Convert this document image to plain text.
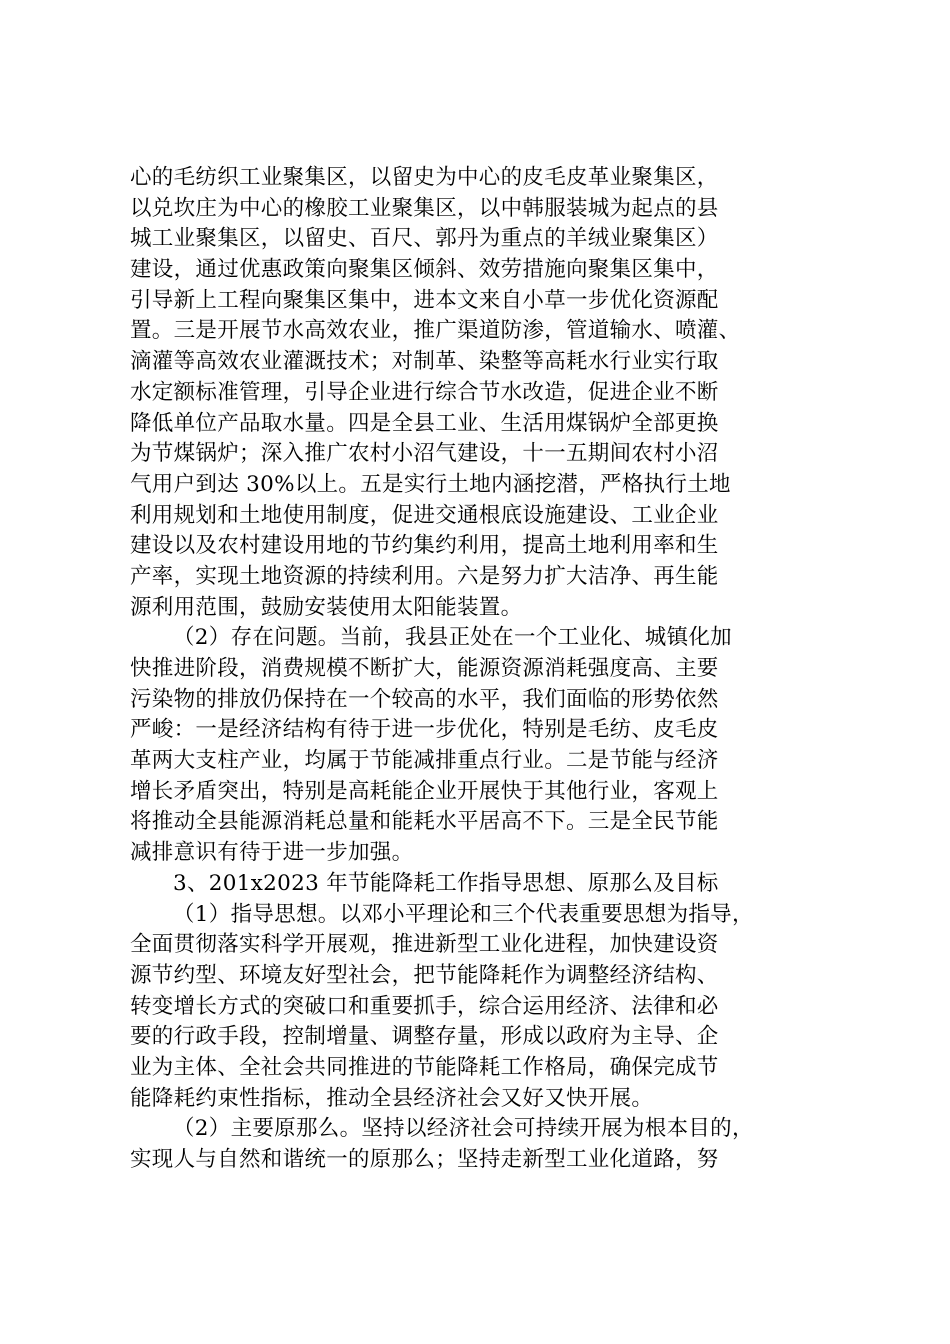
心的毛纺织工业聚集区，以留史为中心的皮毛皮革业聚集区，
以兑坎庄为中心的橡胶工业聚集区，以中韩服装城为起点的县
城工业聚集区，以留史、百尺、郭丹为重点的羊绒业聚集区）
建设，通过优惠政策向聚集区倾斜、效劳措施向聚集区集中，
引导新上工程向聚集区集中，进本文来自小草一步优化资源配
置。三是开展节水高效农业，推广渠道防渗，管道输水、喷灌、
滴灌等高效农业灌溉技术；对制革、染整等高耗水行业实行取
水定额标准管理，引导企业进行综合节水改造，促进企业不断
降低单位产品取水量。四是全县工业、生活用煤锅炉全部更换
为节煤锅炉；深入推广农村小沼气建设，十一五期间农村小沼
气用户到达 30%以上。五是实行土地内涵挖潜，严格执行土地
利用规划和土地使用制度，促进交通根底设施建设、工业企业
建设以及农村建设用地的节约集约利用，提高土地利用率和生
产率，实现土地资源的持续利用。六是努力扩大洁净、再生能
源利用范围，鼓励安装使用太阳能装置。
（2）存在问题。当前，我县正处在一个工业化、城镇化加
快推进阶段，消费规模不断扩大，能源资源消耗强度高、主要
污染物的排放仍保持在一个较高的水平，我们面临的形势依然
严峻：一是经济结构有待于进一步优化，特别是毛纺、皮毛皮
革两大支柱产业，均属于节能减排重点行业。二是节能与经济
增长矛盾突出，特别是高耗能企业开展快于其他行业，客观上
将推动全县能源消耗总量和能耗水平居高不下。三是全民节能
减排意识有待于进一步加强。
3、201x2023 年节能降耗工作指导思想、原那么及目标
（1）指导思想。以邓小平理论和三个代表重要思想为指导，
全面贯彻落实科学开展观，推进新型工业化进程，加快建设资
源节约型、环境友好型社会，把节能降耗作为调整经济结构、
转变增长方式的突破口和重要抓手，综合运用经济、法律和必
要的行政手段，控制增量、调整存量，形成以政府为主导、企
业为主体、全社会共同推进的节能降耗工作格局，确保完成节
能降耗约束性指标，推动全县经济社会又好又快开展。
（2）主要原那么。坚持以经济社会可持续开展为根本目的，
实现人与自然和谐统一的原那么；坚持走新型工业化道路，努
